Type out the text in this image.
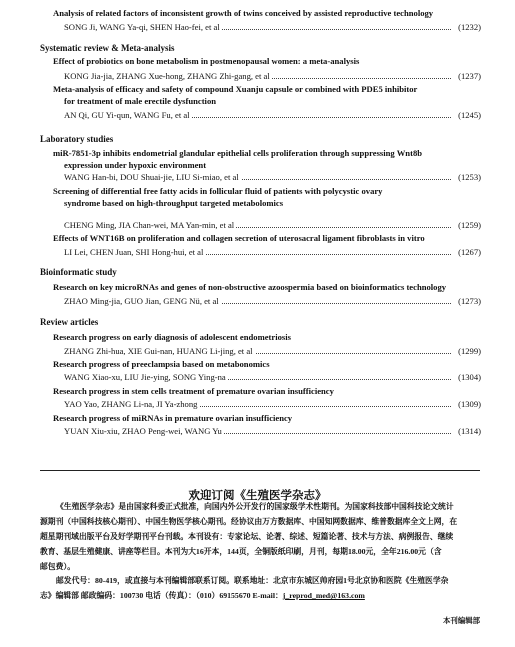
Analysis of related factors of inconsistent growth of twins conceived by assisted reproductive technology
SONG Ji, WANG Ya-qi, SHEN Hao-fei, et al	(1232)
Systematic review & Meta-analysis
Effect of probiotics on bone metabolism in postmenopausal women: a meta-analysis
KONG Jia-jia, ZHANG Xue-hong, ZHANG Zhi-gang, et al	(1237)
Meta-analysis of efficacy and safety of compound Xuanju capsule or combined with PDE5 inhibitor
for treatment of male erectile dysfunction
AN Qi, GU Yi-qun, WANG Fu, et al	(1245)
Laboratory studies
miR-7851-3p inhibits endometrial glandular epithelial cells proliferation through suppressing Wnt8b
expression under hypoxic environment
WANG Han-bi, DOU Shuai-jie, LIU Si-miao, et al	(1253)
Screening of differential free fatty acids in follicular fluid of patients with polycystic ovary
syndrome based on high-throughput targeted metabolomics
CHENG Ming, JIA Chan-wei, MA Yan-min, et al	(1259)
Effects of WNT16B on proliferation and collagen secretion of uterosacral ligament fibroblasts in vitro
LI Lei, CHEN Juan, SHI Hong-hui, et al	(1267)
Bioinformatic study
Research on key microRNAs and genes of non-obstructive azoospermia based on bioinformatics technology
ZHAO Ming-jia, GUO Jian, GENG Nü, et al	(1273)
Review articles
Research progress on early diagnosis of adolescent endometriosis
ZHANG Zhi-hua, XIE Gui-nan, HUANG Li-jing, et al	(1299)
Research progress of preeclampsia based on metabonomics
WANG Xiao-xu, LIU Jie-ying, SONG Ying-na	(1304)
Research progress in stem cells treatment of premature ovarian insufficiency
YAO Yao, ZHANG Li-na, JI Ya-zhong	(1309)
Research progress of miRNAs in premature ovarian insufficiency
YUAN Xiu-xiu, ZHAO Peng-wei, WANG Yu	(1314)
欢迎订阅《生殖医学杂志》
《生殖医学杂志》是由国家科委正式批准，向国内外公开发行的国家级学术性期刊。为国家科技部中国科技论文统计
源期刊（中国科技核心期刊）、中国生物医学核心期刊。经协议由万方数据库、中国知网数据库、维普数据库全文上网，在
超星期刊域出版平台及好学期刊平台刊载。本刊设有：专家论坛、论著、综述、短篇论著、技术与方法、病例报告、继续
教育、基层生殖健康、讲座等栏目。本刊为大16开本，144页，全铜版纸印刷，月刊，每期18.00元，全年216.00元（含
邮包费）。
邮发代号：80-419，或直接与本刊编辑部联系订阅。联系地址：北京市东城区帅府园1号北京协和医院《生殖医学杂
志》编辑部 邮政编码：100730 电话（传真）：（010）69155670 E-mail：j_reprod_med@163.com
本刊编辑部
